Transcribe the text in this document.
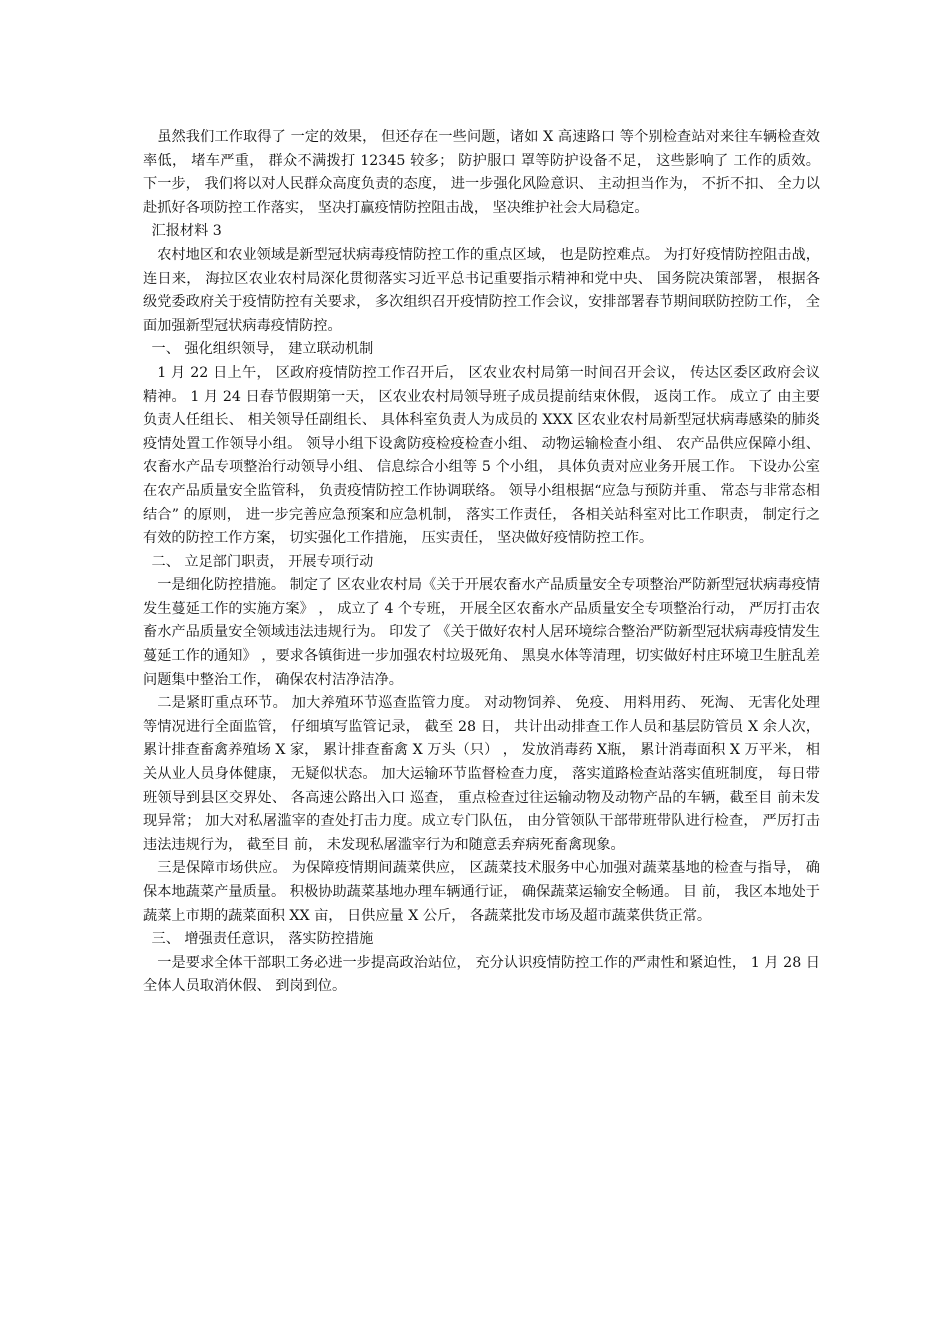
虽然我们工作取得了 一定的效果， 但还存在一些问题，诸如 X 高速路口 等个别检查站对来往车辆检查效率低， 堵车严重， 群众不满拨打 12345 较多； 防护服口 罩等防护设备不足， 这些影响了 工作的质效。 下一步， 我们将以对人民群众高度负责的态度， 进一步强化风险意识、 主动担当作为， 不折不扣、 全力以赴抓好各项防控工作落实， 坚决打赢疫情防控阻击战， 坚决维护社会大局稳定。

汇报材料 3

农村地区和农业领域是新型冠状病毒疫情防控工作的重点区域， 也是防控难点。 为打好疫情防控阻击战， 连日来， 海拉区农业农村局深化贯彻落实习近平总书记重要指示精神和党中央、 国务院决策部署， 根据各级党委政府关于疫情防控有关要求， 多次组织召开疫情防控工作会议，安排部署春节期间联防控防工作， 全面加强新型冠状病毒疫情防控。

一、 强化组织领导， 建立联动机制

1 月 22 日上午， 区政府疫情防控工作召开后， 区农业农村局第一时间召开会议， 传达区委区政府会议精神。 1 月 24 日春节假期第一天， 区农业农村局领导班子成员提前结束休假， 返岗工作。 成立了 由主要负责人任组长、 相关领导任副组长、 具体科室负责人为成员的 XXX 区农业农村局新型冠状病毒感染的肺炎疫情处置工作领导小组。 领导小组下设禽防疫检疫检查小组、 动物运输检查小组、 农产品供应保障小组、 农畜水产品专项整治行动领导小组、 信息综合小组等 5 个小组， 具体负责对应业务开展工作。 下设办公室在农产品质量安全监管科， 负责疫情防控工作协调联络。 领导小组根据“应急与预防并重、 常态与非常态相结合” 的原则， 进一步完善应急预案和应急机制， 落实工作责任， 各相关站科室对比工作职责， 制定行之有效的防控工作方案， 切实强化工作措施， 压实责任， 坚决做好疫情防控工作。

二、 立足部门职责， 开展专项行动

一是细化防控措施。 制定了 区农业农村局《关于开展农畜水产品质量安全专项整治严防新型冠状病毒疫情发生蔓延工作的实施方案》 ， 成立了 4 个专班， 开展全区农畜水产品质量安全专项整治行动， 严厉打击农畜水产品质量安全领域违法违规行为。 印发了 《关于做好农村人居环境综合整治严防新型冠状病毒疫情发生蔓延工作的通知》 ，要求各镇街进一步加强农村垃圾死角、 黑臭水体等清理，切实做好村庄环境卫生脏乱差问题集中整治工作， 确保农村洁净洁净。

二是紧盯重点环节。 加大养殖环节巡查监管力度。 对动物饲养、 免疫、 用料用药、 死淘、 无害化处理等情况进行全面监管， 仔细填写监管记录， 截至 28 日， 共计出动排查工作人员和基层防管员 X 余人次， 累计排查畜禽养殖场 X 家， 累计排查畜禽 X 万头（只） ， 发放消毒药 X瓶， 累计消毒面积 X 万平米， 相关从业人员身体健康， 无疑似状态。 加大运输环节监督检查力度， 落实道路检查站落实值班制度， 每日带班领导到县区交界处、 各高速公路出入口 巡查， 重点检查过往运输动物及动物产品的车辆，截至目 前未发现异常； 加大对私屠滥宰的查处打击力度。成立专门队伍， 由分管领队干部带班带队进行检查， 严厉打击违法违规行为， 截至目 前， 未发现私屠滥宰行为和随意丢弃病死畜禽现象。

三是保障市场供应。 为保障疫情期间蔬菜供应， 区蔬菜技术服务中心加强对蔬菜基地的检查与指导， 确保本地蔬菜产量质量。 积极协助蔬菜基地办理车辆通行证， 确保蔬菜运输安全畅通。 目 前， 我区本地处于蔬菜上市期的蔬菜面积 XX 亩， 日供应量 X 公斤， 各蔬菜批发市场及超市蔬菜供货正常。

三、 增强责任意识， 落实防控措施

一是要求全体干部职工务必进一步提高政治站位， 充分认识疫情防控工作的严肃性和紧迫性， 1 月 28 日全体人员取消休假、 到岗到位。
